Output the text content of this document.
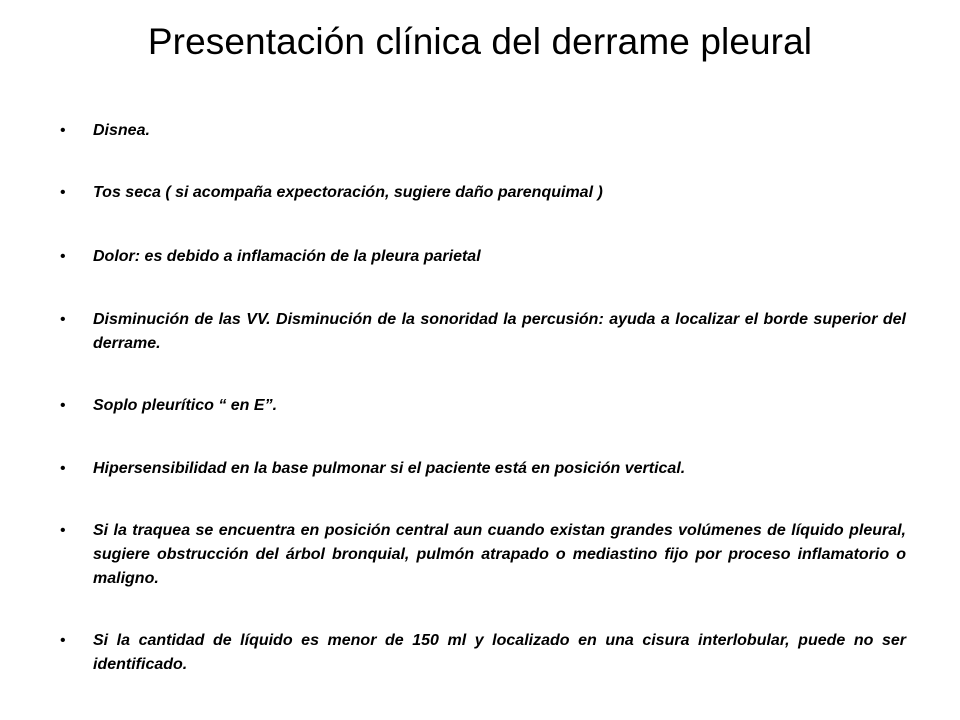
Presentación clínica del derrame pleural
• Disnea.
• Tos seca ( si acompaña expectoración, sugiere daño parenquimal )
• Dolor: es debido a inflamación de la pleura parietal
• Disminución de las VV. Disminución de la sonoridad la percusión: ayuda a localizar el borde superior del derrame.
• Soplo pleurítico “ en E”.
• Hipersensibilidad en la base pulmonar si el paciente está en posición vertical.
• Si la traquea se encuentra en posición central aun cuando existan grandes volúmenes de líquido pleural, sugiere obstrucción del árbol bronquial, pulmón atrapado o mediastino fijo por proceso inflamatorio o maligno.
• Si la cantidad de líquido es menor de 150 ml y localizado en una cisura interlobular, puede no ser identificado.
